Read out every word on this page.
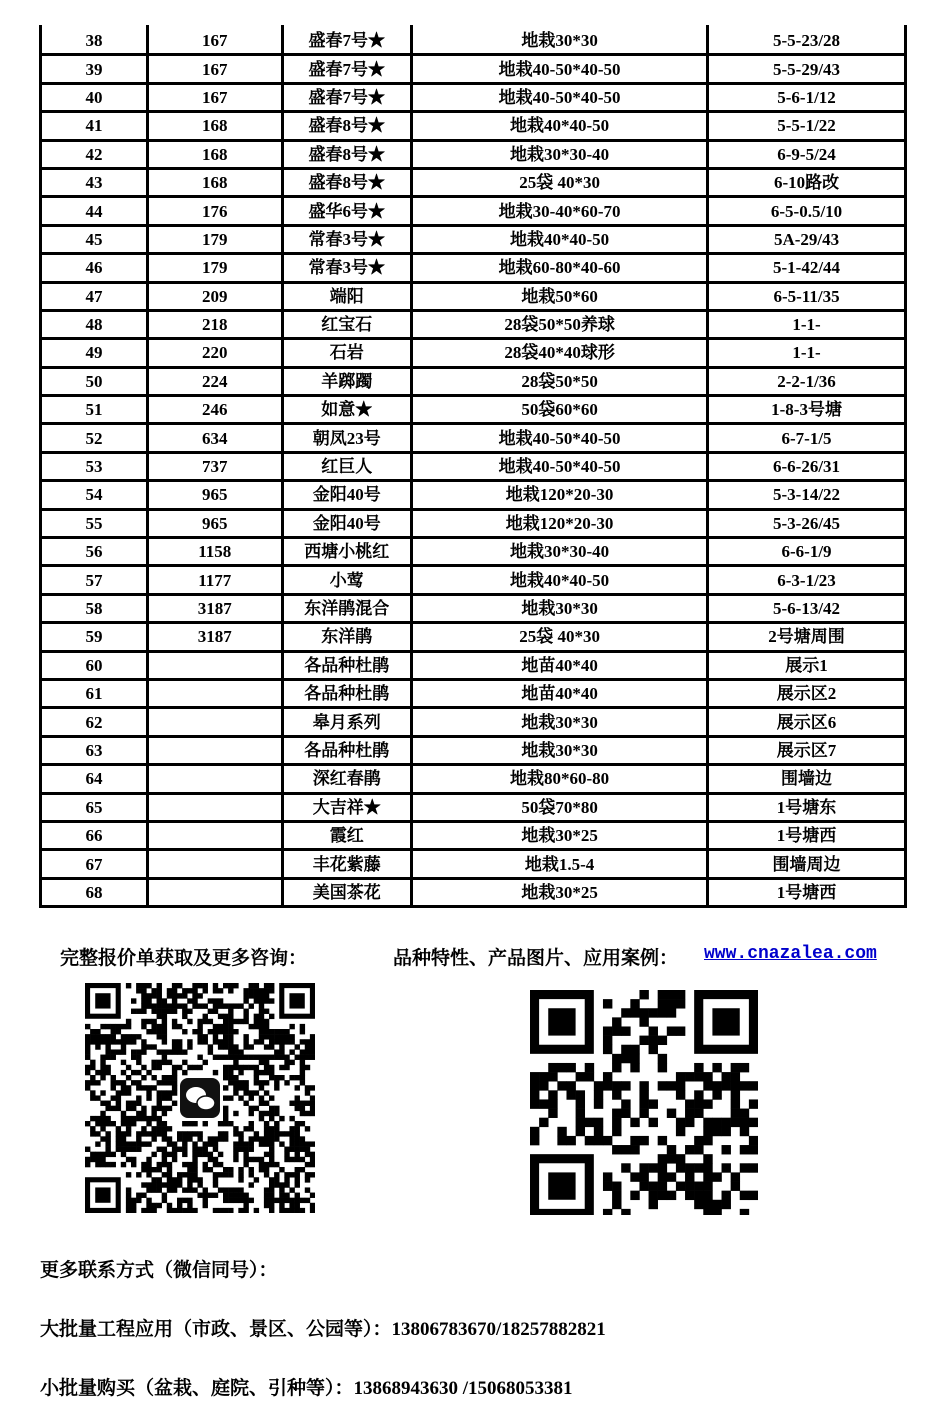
38	167	盛春7号★	地栽30*30	5-5-23/28
39	167	盛春7号★	地栽40-50*40-50	5-5-29/43
40	167	盛春7号★	地栽40-50*40-50	5-6-1/12
41	168	盛春8号★	地栽40*40-50	5-5-1/22
42	168	盛春8号★	地栽30*30-40	6-9-5/24
43	168	盛春8号★	25袋 40*30	6-10路改
44	176	盛华6号★	地栽30-40*60-70	6-5-0.5/10
45	179	常春3号★	地栽40*40-50	5A-29/43
46	179	常春3号★	地栽60-80*40-60	5-1-42/44
47	209	端阳	地栽50*60	6-5-11/35
48	218	红宝石	28袋50*50养球	1-1-
49	220	石岩	28袋40*40球形	1-1-
50	224	羊踯躅	28袋50*50	2-2-1/36
51	246	如意★	50袋60*60	1-8-3号塘
52	634	朝凤23号	地栽40-50*40-50	6-7-1/5
53	737	红巨人	地栽40-50*40-50	6-6-26/31
54	965	金阳40号	地栽120*20-30	5-3-14/22
55	965	金阳40号	地栽120*20-30	5-3-26/45
56	1158	西塘小桃红	地栽30*30-40	6-6-1/9
57	1177	小莺	地栽40*40-50	6-3-1/23
58	3187	东洋鹃混合	地栽30*30	5-6-13/42
59	3187	东洋鹃	25袋 40*30	2号塘周围
60		各品种杜鹃	地苗40*40	展示1
61		各品种杜鹃	地苗40*40	展示区2
62		皋月系列	地栽30*30	展示区6
63		各品种杜鹃	地栽30*30	展示区7
64		深红春鹃	地栽80*60-80	围墙边
65		大吉祥★	50袋70*80	1号塘东
66		霞红	地栽30*25	1号塘西
67		丰花紫藤	地栽1.5-4	围墙周边
68		美国茶花	地栽30*25	1号塘西
完整报价单获取及更多咨询：	品种特性、产品图片、应用案例： www.cnazalea.com
更多联系方式（微信同号）：
大批量工程应用（市政、景区、公园等）：13806783670/18257882821
小批量购买（盆栽、庭院、引种等）：13868943630 /15068053381
